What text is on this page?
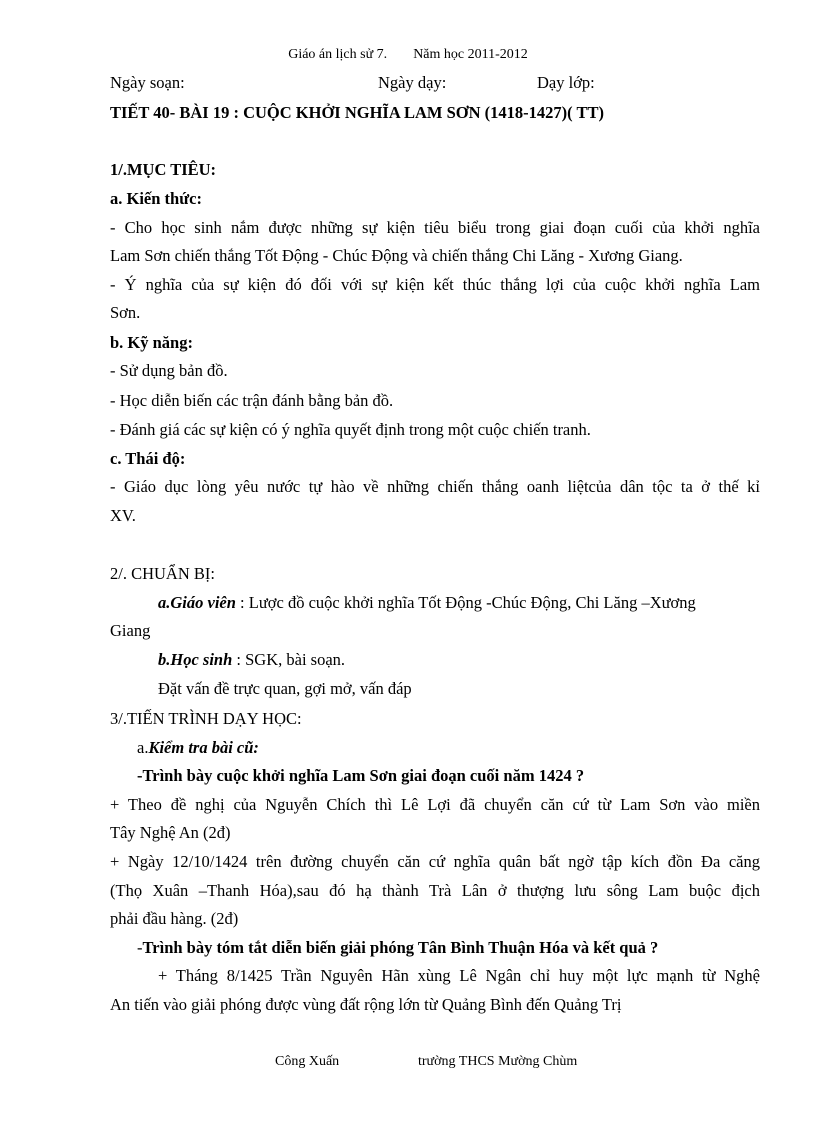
Giáo án lịch sử 7. Năm học 2011-2012
Ngày soạn:	Ngày dạy:	Dạy lớp:
TIẾT 40- BÀI 19 : CUỘC KHỞI NGHĨA LAM SƠN (1418-1427)( TT)
1/.MỤC TIÊU:
a. Kiến thức:
- Cho học sinh nắm được những sự kiện tiêu biểu trong giai đoạn cuối của khởi nghĩa
Lam Sơn chiến thắng Tốt Động - Chúc Động và chiến thắng Chi Lăng - Xương Giang.
- Ý nghĩa của sự kiện đó đối với sự kiện kết thúc thắng lợi của cuộc khởi nghĩa Lam
Sơn.
b. Kỹ năng:
- Sử dụng bản đồ.
- Học diễn biến các trận đánh bằng bản đồ.
- Đánh giá các sự kiện có ý nghĩa quyết định trong một cuộc chiến tranh.
c. Thái độ:
- Giáo dục lòng yêu nước tự hào về những chiến thắng oanh liệtcủa dân tộc ta ở thế kỉ
XV.
2/. CHUẨN BỊ:
a.Giáo viên : Lược đồ cuộc khởi nghĩa Tốt Động -Chúc Động, Chi Lăng –Xương
Giang
b.Học sinh : SGK, bài soạn.
Đặt vấn đề trực quan, gợi mở, vấn đáp
3/.TIẾN TRÌNH DẠY HỌC:
a.Kiểm tra bài cũ:
-Trình bày cuộc khởi nghĩa Lam Sơn giai đoạn cuối năm 1424 ?
+ Theo đề nghị của Nguyễn Chích thì Lê Lợi đã chuyển căn cứ từ Lam Sơn vào miền
Tây Nghệ An (2đ)
+ Ngày 12/10/1424 trên đường chuyển căn cứ nghĩa quân bất ngờ tập kích đồn Đa căng
(Thọ Xuân –Thanh Hóa),sau đó hạ thành Trà Lân ở thượng lưu sông Lam buộc địch
phải đầu hàng. (2đ)
-Trình bày tóm tắt diễn biến giải phóng Tân Bình Thuận Hóa và kết quả ?
+ Tháng 8/1425 Trần Nguyên Hãn xùng Lê Ngân chỉ huy một lực mạnh từ Nghệ
An tiến vào giải phóng được vùng đất rộng lớn từ Quảng Bình đến Quảng Trị
Công Xuấn	trường THCS Mường Chùm
